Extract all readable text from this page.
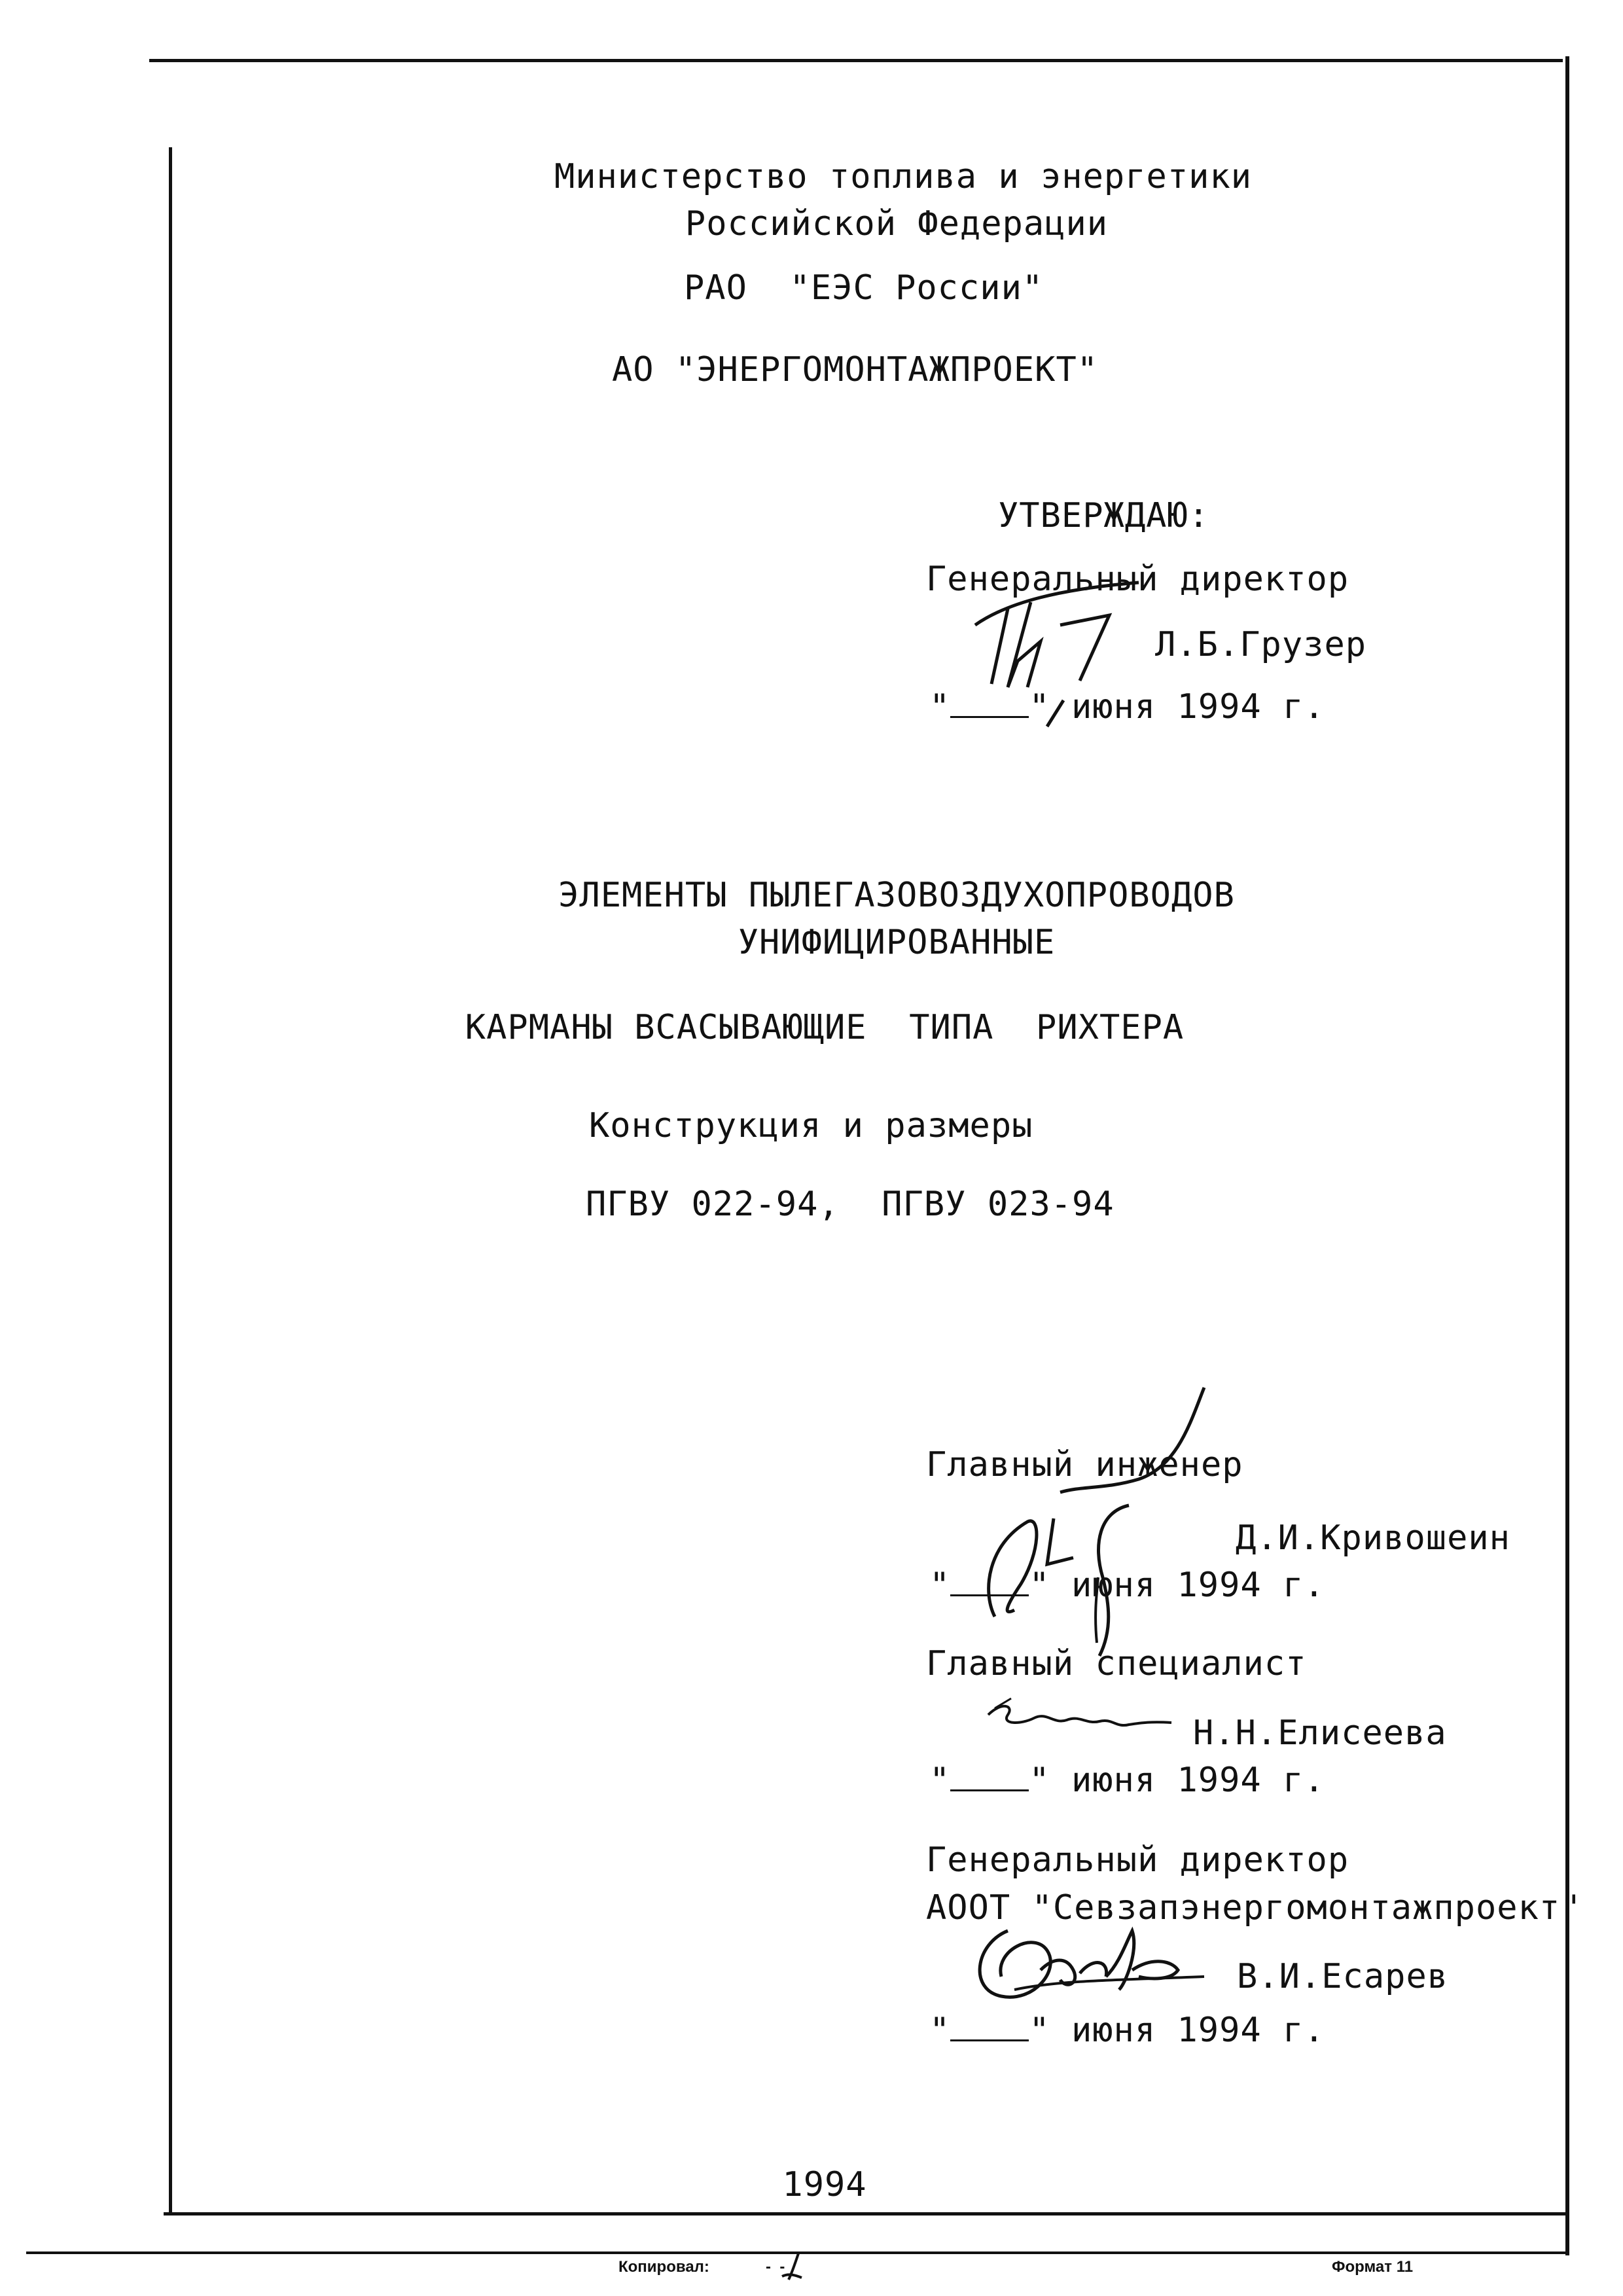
Министерство топлива и энергетики
Российской Федерации
РАО  "ЕЭС России"
АО "ЭНЕРГОМОНТАЖПРОЕКТ"
УТВЕРЖДАЮ:
Генеральный директор
Л.Б.Грузер
" " июня 1994 г.
ЭЛЕМЕНТЫ ПЫЛЕГАЗОВОЗДУХОПРОВОДОВ
УНИФИЦИРОВАННЫЕ
КАРМАНЫ ВСАСЫВАЮЩИЕ  ТИПА  РИХТЕРА
Конструкция и размеры
ПГВУ 022-94,  ПГВУ 023-94
Главный инженер
Д.И.Кривошеин
" " июня 1994 г.
Главный специалист
Н.Н.Елисеева
" " июня 1994 г.
Генеральный директор
АООТ "Севзапэнергомонтажпроект"
В.И.Есарев
" " июня 1994 г.
1994
Копировал:	-  -	Формат 11
